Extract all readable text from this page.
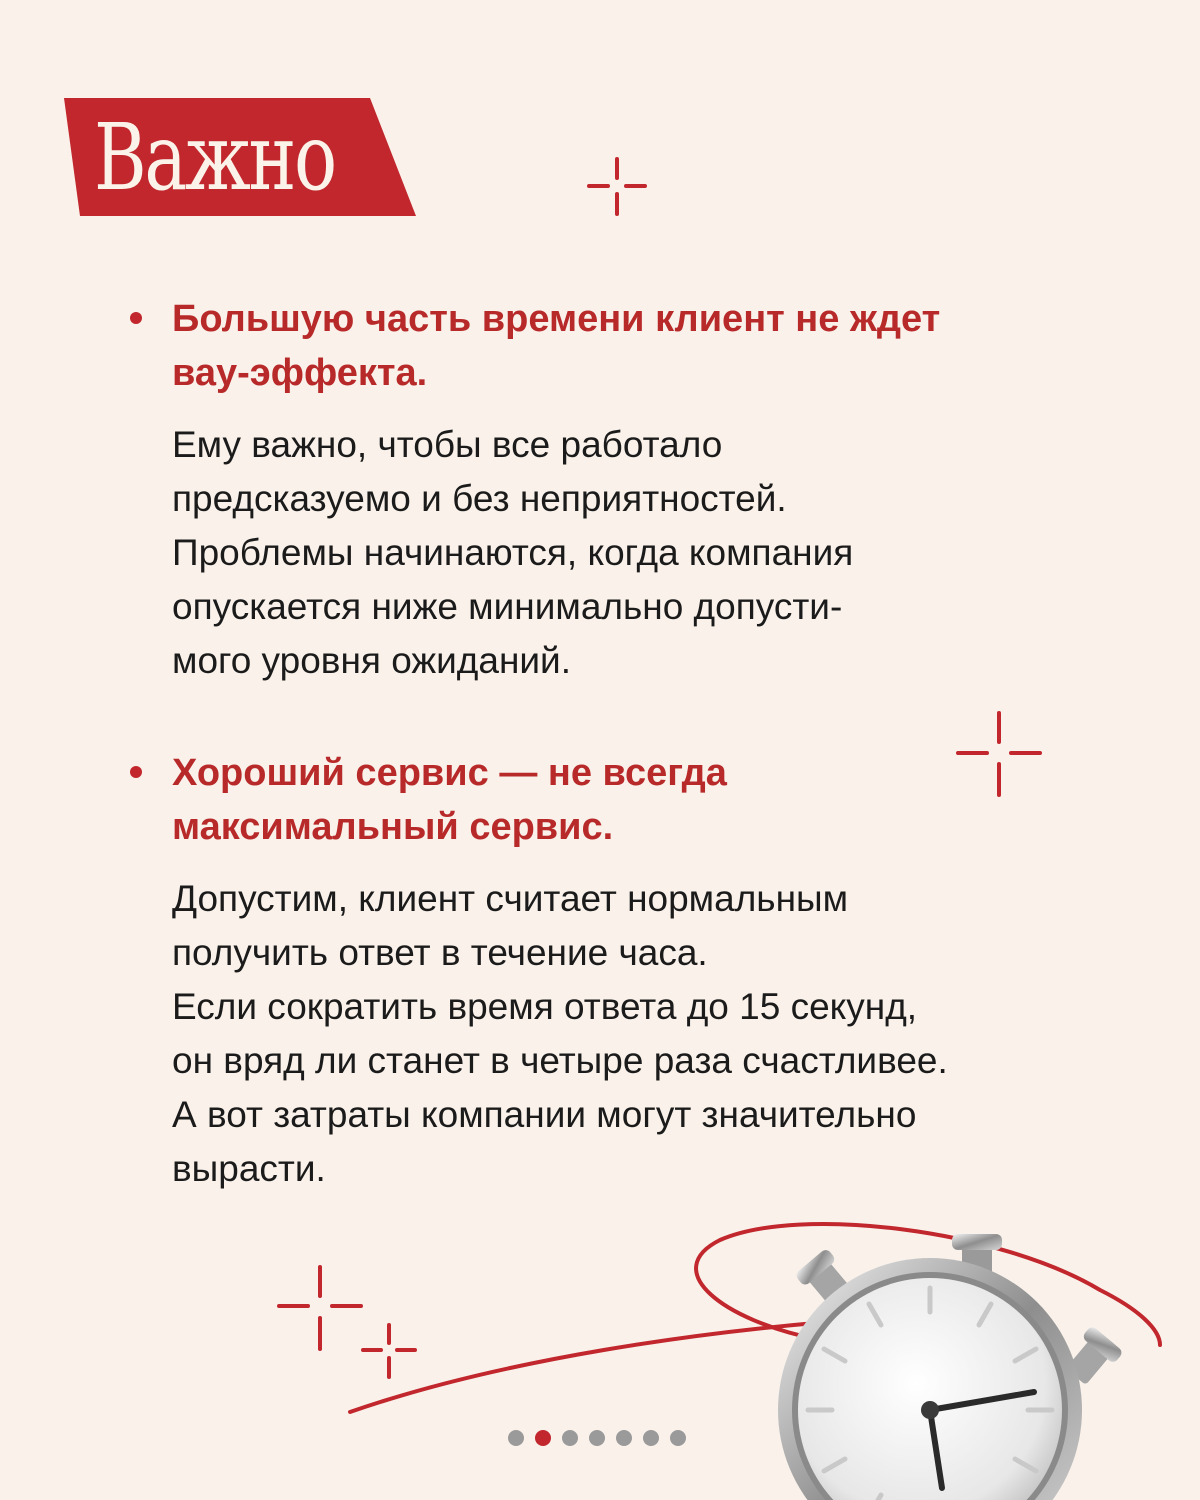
Важно

Большую часть времени клиент не ждет
вау-эффекта.

Ему важно, чтобы все работало
предсказуемо и без неприятностей.
Проблемы начинаются, когда компания
опускается ниже минимально допусти-
мого уровня ожиданий.

Хороший сервис — не всегда
максимальный сервис.

Допустим, клиент считает нормальным
получить ответ в течение часа.
Если сократить время ответа до 15 секунд,
он вряд ли станет в четыре раза счастливее.
А вот затраты компании могут значительно
вырасти.
